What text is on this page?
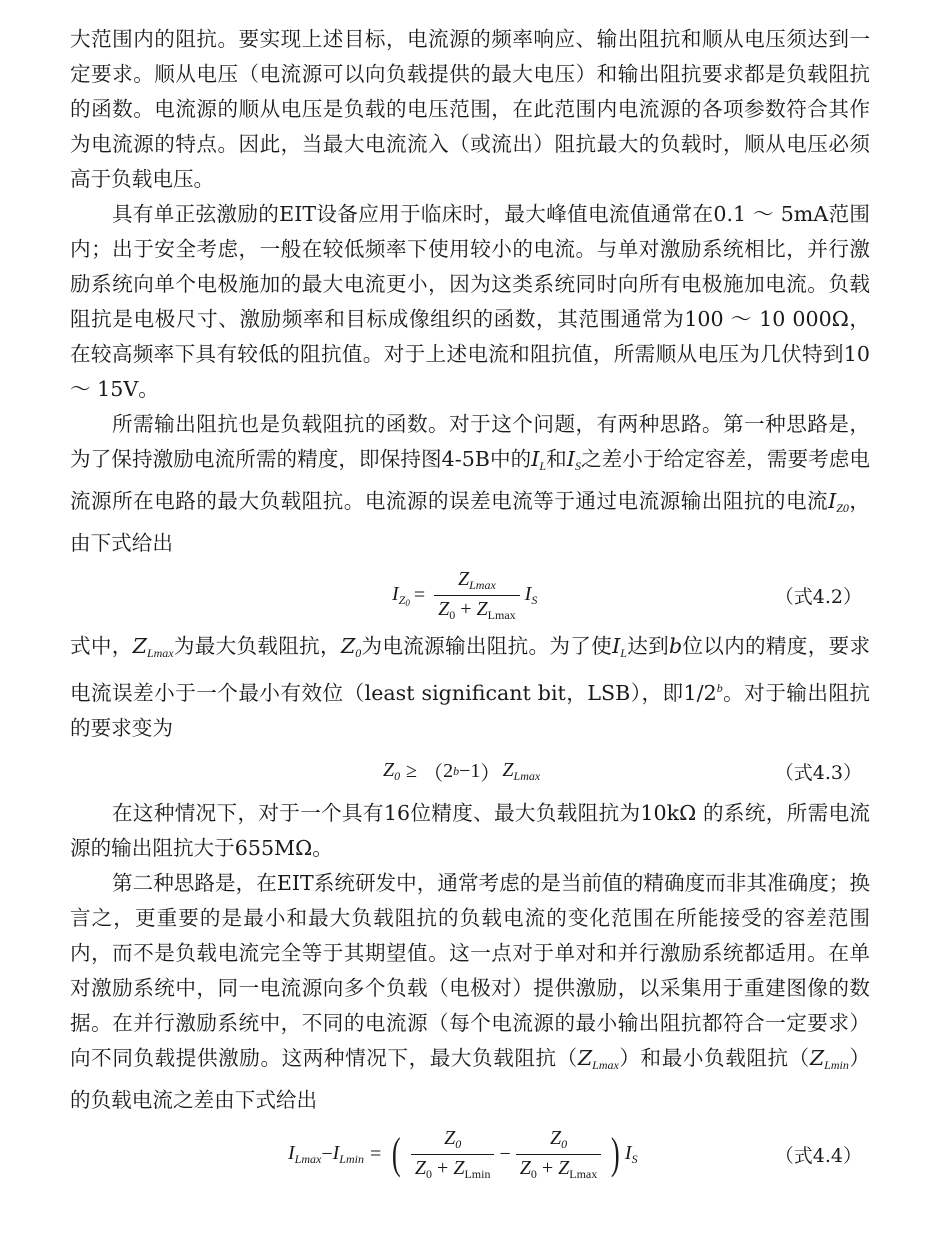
大范围内的阻抗。要实现上述目标，电流源的频率响应、输出阻抗和顺从电压须达到一定要求。顺从电压（电流源可以向负载提供的最大电压）和输出阻抗要求都是负载阻抗的函数。电流源的顺从电压是负载的电压范围，在此范围内电流源的各项参数符合其作为电流源的特点。因此，当最大电流流入（或流出）阻抗最大的负载时，顺从电压必须高于负载电压。

具有单正弦激励的EIT设备应用于临床时，最大峰值电流值通常在0.1 ～ 5mA范围内；出于安全考虑，一般在较低频率下使用较小的电流。与单对激励系统相比，并行激励系统向单个电极施加的最大电流更小，因为这类系统同时向所有电极施加电流。负载阻抗是电极尺寸、激励频率和目标成像组织的函数，其范围通常为100 ～ 10 000Ω，在较高频率下具有较低的阻抗值。对于上述电流和阻抗值，所需顺从电压为几伏特到10 ～ 15V。

所需输出阻抗也是负载阻抗的函数。对于这个问题，有两种思路。第一种思路是，为了保持激励电流所需的精度，即保持图4-5B中的$I_L$和$I_S$之差小于给定容差，需要考虑电流源所在电路的最大负载阻抗。电流源的误差电流等于通过电流源输出阻抗的电流$I_{Z0}$，由下式给出

$I_{Z_0} = \frac{Z_{Lmax}}{Z_0 + Z_{Lmax}} I_S$	（式4.2）

式中，$Z_{Lmax}$为最大负载阻抗，$Z_0$为电流源输出阻抗。为了使$I_L$达到b位以内的精度，要求电流误差小于一个最小有效位（least significant bit，LSB），即1/2$^b$。对于输出阻抗的要求变为

$Z_0$ ≥ （ 2 b −1 ） $Z_{Lmax}$	（式4.3）

在这种情况下，对于一个具有16位精度、最大负载阻抗为10kΩ 的系统，所需电流源的输出阻抗大于655MΩ。

第二种思路是，在EIT系统研发中，通常考虑的是当前值的精确度而非其准确度；换言之，更重要的是最小和最大负载阻抗的负载电流的变化范围在所能接受的容差范围内，而不是负载电流完全等于其期望值。这一点对于单对和并行激励系统都适用。在单对激励系统中，同一电流源向多个负载（电极对）提供激励，以采集用于重建图像的数据。在并行激励系统中，不同的电流源（每个电流源的最小输出阻抗都符合一定要求）向不同负载提供激励。这两种情况下，最大负载阻抗$(Z_{Lmax})$和最小负载阻抗$(Z_{Lmin})$的负载电流之差由下式给出

$I_{Lmax} - I_{Lmin}$ = ( $\frac{Z_0}{Z_0 + Z_{Lmin}} - \frac{Z_0}{Z_0 + Z_{Lmax}}$ ) $I_S$	（式4.4）
